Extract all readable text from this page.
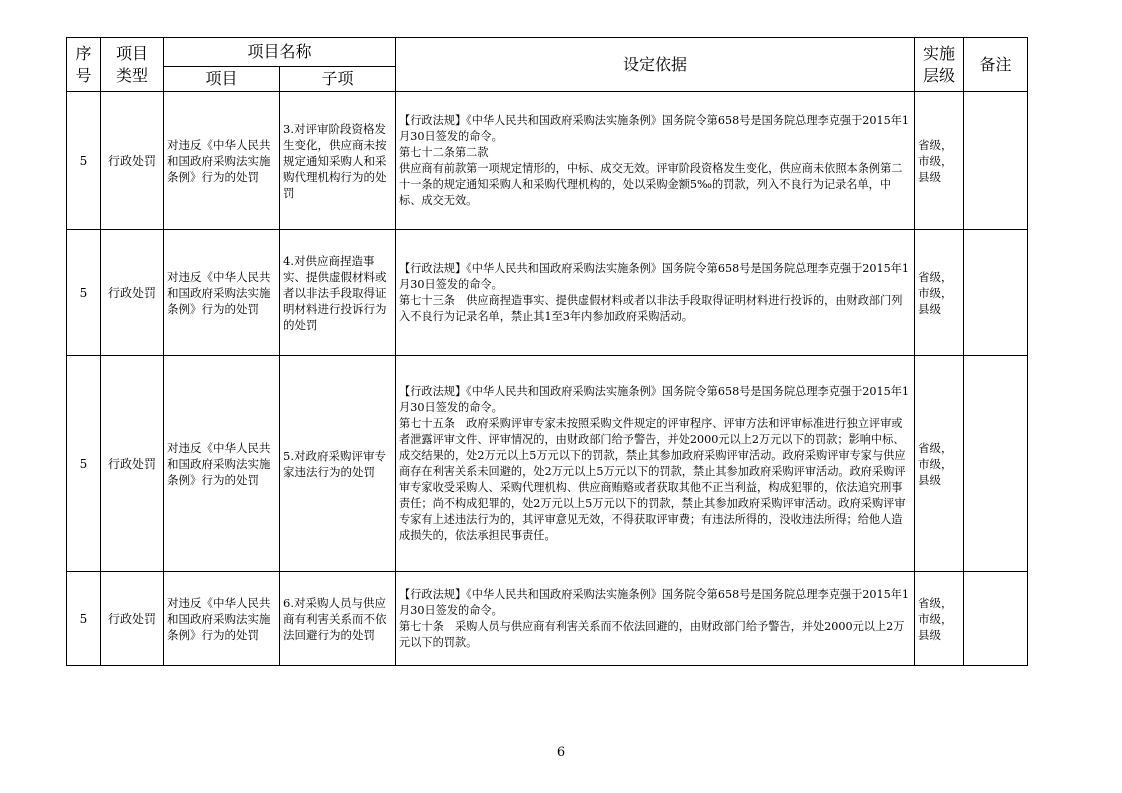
序号	项目类型	项目名称		设定依据	实施层级	备注
		项目	子项			
5	行政处罚	对违反《中华人民共和国政府采购法实施条例》行为的处罚	3.对评审阶段资格发生变化，供应商未按规定通知采购人和采购代理机构行为的处罚	【行政法规】《中华人民共和国政府采购法实施条例》国务院令第658号是国务院总理李克强于2015年1月30日签发的命令。
第七十二条第二款
供应商有前款第一项规定情形的，中标、成交无效。评审阶段资格发生变化，供应商未依照本条例第二十一条的规定通知采购人和采购代理机构的，处以采购金额5‰的罚款，列入不良行为记录名单，中标、成交无效。	省级，市级，县级	
5	行政处罚	对违反《中华人民共和国政府采购法实施条例》行为的处罚	4.对供应商捏造事实、提供虚假材料或者以非法手段取得证明材料进行投诉行为的处罚	【行政法规】《中华人民共和国政府采购法实施条例》国务院令第658号是国务院总理李克强于2015年1月30日签发的命令。
第七十三条　供应商捏造事实、提供虚假材料或者以非法手段取得证明材料进行投诉的，由财政部门列入不良行为记录名单，禁止其1至3年内参加政府采购活动。	省级，市级，县级	
5	行政处罚	对违反《中华人民共和国政府采购法实施条例》行为的处罚	5.对政府采购评审专家违法行为的处罚	【行政法规】《中华人民共和国政府采购法实施条例》国务院令第658号是国务院总理李克强于2015年1月30日签发的命令。
第七十五条　政府采购评审专家未按照采购文件规定的评审程序、评审方法和评审标准进行独立评审或者泄露评审文件、评审情况的，由财政部门给予警告，并处2000元以上2万元以下的罚款；影响中标、成交结果的，处2万元以上5万元以下的罚款，禁止其参加政府采购评审活动。政府采购评审专家与供应商存在利害关系未回避的，处2万元以上5万元以下的罚款，禁止其参加政府采购评审活动。政府采购评审专家收受采购人、采购代理机构、供应商贿赂或者获取其他不正当利益，构成犯罪的，依法追究刑事责任；尚不构成犯罪的，处2万元以上5万元以下的罚款，禁止其参加政府采购评审活动。政府采购评审专家有上述违法行为的，其评审意见无效，不得获取评审费；有违法所得的，没收违法所得；给他人造成损失的，依法承担民事责任。	省级，市级，县级	
5	行政处罚	对违反《中华人民共和国政府采购法实施条例》行为的处罚	6.对采购人员与供应商有利害关系而不依法回避行为的处罚	【行政法规】《中华人民共和国政府采购法实施条例》国务院令第658号是国务院总理李克强于2015年1月30日签发的命令。
第七十条　采购人员与供应商有利害关系而不依法回避的，由财政部门给予警告，并处2000元以上2万元以下的罚款。	省级，市级，县级	
6
